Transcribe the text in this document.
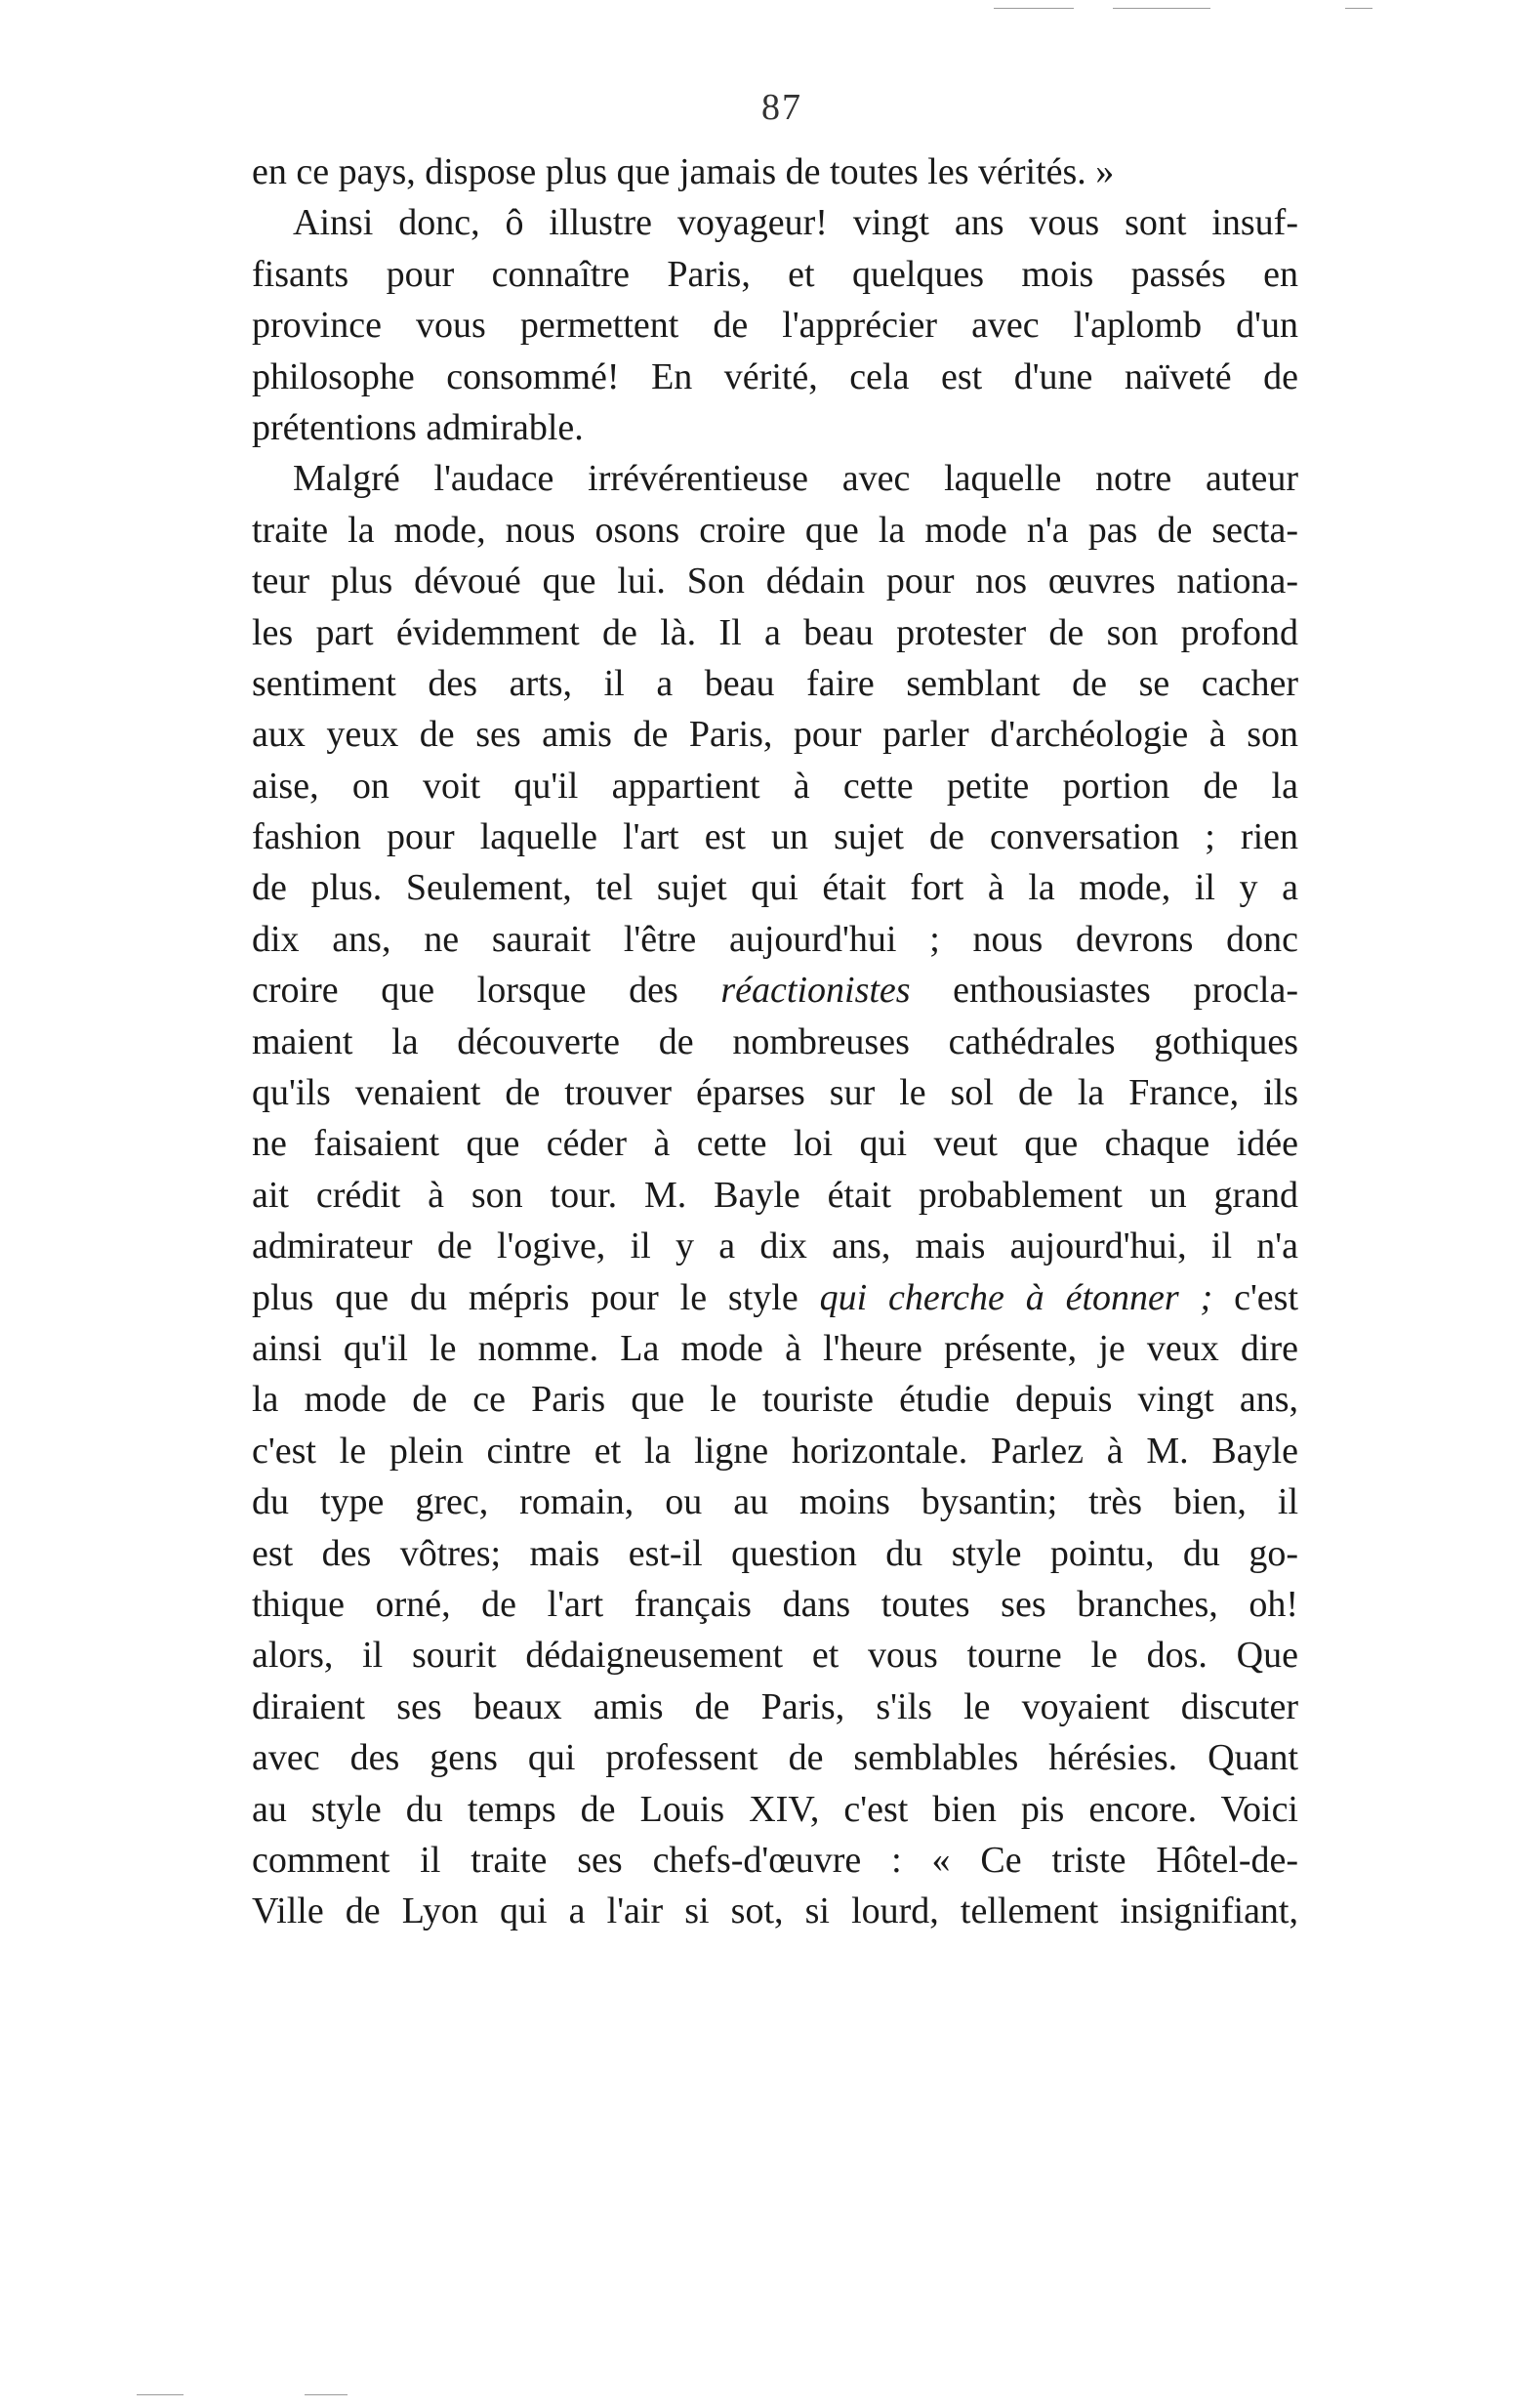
87
en ce pays, dispose plus que jamais de toutes les vérités. »
Ainsi donc, ô illustre voyageur! vingt ans vous sont insuf-
fisants pour connaître Paris, et quelques mois passés en
province vous permettent de l'apprécier avec l'aplomb d'un
philosophe consommé! En vérité, cela est d'une naïveté de
prétentions admirable.
Malgré l'audace irrévérentieuse avec laquelle notre auteur
traite la mode, nous osons croire que la mode n'a pas de secta-
teur plus dévoué que lui. Son dédain pour nos œuvres nationa-
les part évidemment de là. Il a beau protester de son profond
sentiment des arts, il a beau faire semblant de se cacher
aux yeux de ses amis de Paris, pour parler d'archéologie à son
aise, on voit qu'il appartient à cette petite portion de la
fashion pour laquelle l'art est un sujet de conversation ; rien
de plus. Seulement, tel sujet qui était fort à la mode, il y a
dix ans, ne saurait l'être aujourd'hui ; nous devrons donc
croire que lorsque des réactionistes enthousiastes procla-
maient la découverte de nombreuses cathédrales gothiques
qu'ils venaient de trouver éparses sur le sol de la France, ils
ne faisaient que céder à cette loi qui veut que chaque idée
ait crédit à son tour. M. Bayle était probablement un grand
admirateur de l'ogive, il y a dix ans, mais aujourd'hui, il n'a
plus que du mépris pour le style qui cherche à étonner ; c'est
ainsi qu'il le nomme. La mode à l'heure présente, je veux dire
la mode de ce Paris que le touriste étudie depuis vingt ans,
c'est le plein cintre et la ligne horizontale. Parlez à M. Bayle
du type grec, romain, ou au moins bysantin; très bien, il
est des vôtres; mais est-il question du style pointu, du go-
thique orné, de l'art français dans toutes ses branches, oh!
alors, il sourit dédaigneusement et vous tourne le dos. Que
diraient ses beaux amis de Paris, s'ils le voyaient discuter
avec des gens qui professent de semblables hérésies. Quant
au style du temps de Louis XIV, c'est bien pis encore. Voici
comment il traite ses chefs-d'œuvre : « Ce triste Hôtel-de-
Ville de Lyon qui a l'air si sot, si lourd, tellement insignifiant,
